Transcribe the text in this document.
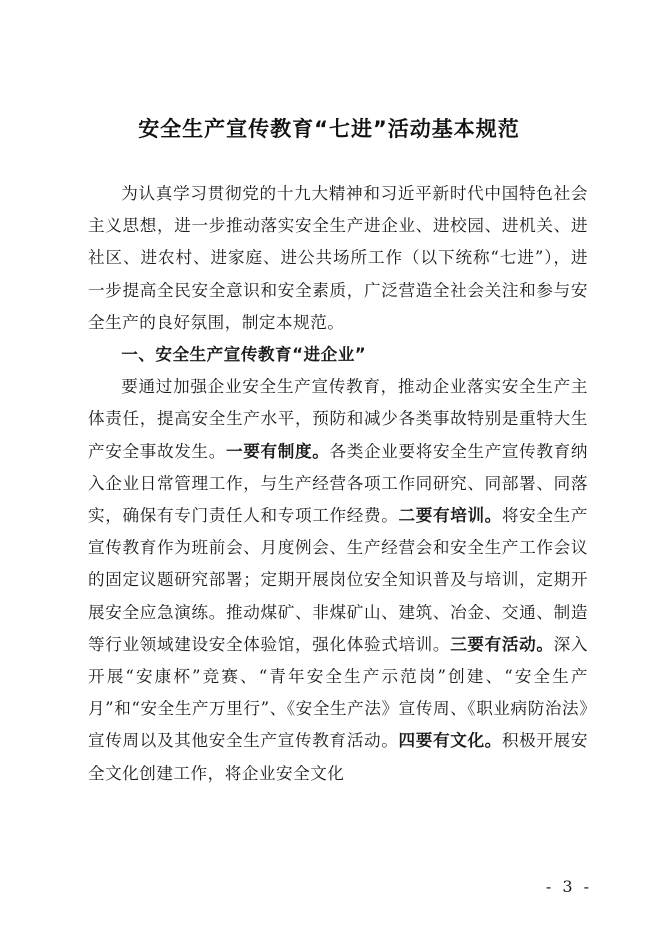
安全生产宣传教育“七进”活动基本规范

为认真学习贯彻党的十九大精神和习近平新时代中国特色社会主义思想，进一步推动落实安全生产进企业、进校园、进机关、进社区、进农村、进家庭、进公共场所工作（以下统称“七进”），进一步提高全民安全意识和安全素质，广泛营造全社会关注和参与安全生产的良好氛围，制定本规范。

一、安全生产宣传教育“进企业”

要通过加强企业安全生产宣传教育，推动企业落实安全生产主体责任，提高安全生产水平，预防和减少各类事故特别是重特大生产安全事故发生。一要有制度。各类企业要将安全生产宣传教育纳入企业日常管理工作，与生产经营各项工作同研究、同部署、同落实，确保有专门责任人和专项工作经费。二要有培训。将安全生产宣传教育作为班前会、月度例会、生产经营会和安全生产工作会议的固定议题研究部署；定期开展岗位安全知识普及与培训，定期开展安全应急演练。推动煤矿、非煤矿山、建筑、冶金、交通、制造等行业领域建设安全体验馆，强化体验式培训。三要有活动。深入开展“安康杯”竞赛、“青年安全生产示范岗”创建、“安全生产月”和“安全生产万里行”、《安全生产法》宣传周、《职业病防治法》宣传周以及其他安全生产宣传教育活动。四要有文化。积极开展安全文化创建工作，将企业安全文化

- 3 -
